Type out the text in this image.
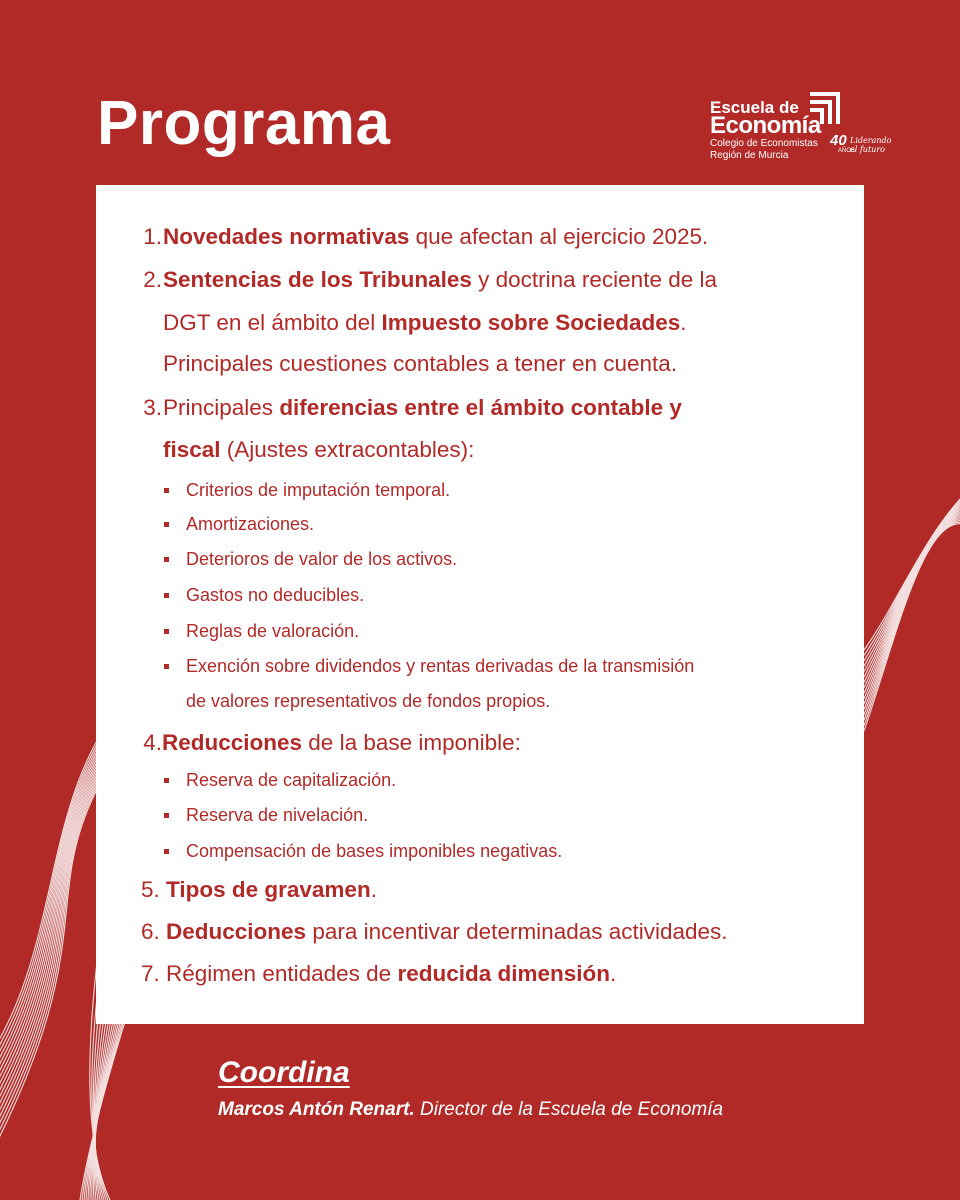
Programa	Escuela de
Economía
Colegio de Economistas
Región de Murcia
40
AÑOS
Liderando el futuro
1. Novedades normativas que afectan al ejercicio 2025.
2. Sentencias de los Tribunales y doctrina reciente de la
DGT en el ámbito del Impuesto sobre Sociedades.
Principales cuestiones contables a tener en cuenta.
3. Principales diferencias entre el ámbito contable y
fiscal (Ajustes extracontables):
Criterios de imputación temporal.
Amortizaciones.
Deterioros de valor de los activos.
Gastos no deducibles.
Reglas de valoración.
Exención sobre dividendos y rentas derivadas de la transmisión
de valores representativos de fondos propios.
4. Reducciones de la base imponible:
Reserva de capitalización.
Reserva de nivelación.
Compensación de bases imponibles negativas.
5. Tipos de gravamen.
6. Deducciones para incentivar determinadas actividades.
7. Régimen entidades de reducida dimensión.
Coordina
Marcos Antón Renart. Director de la Escuela de Economía
